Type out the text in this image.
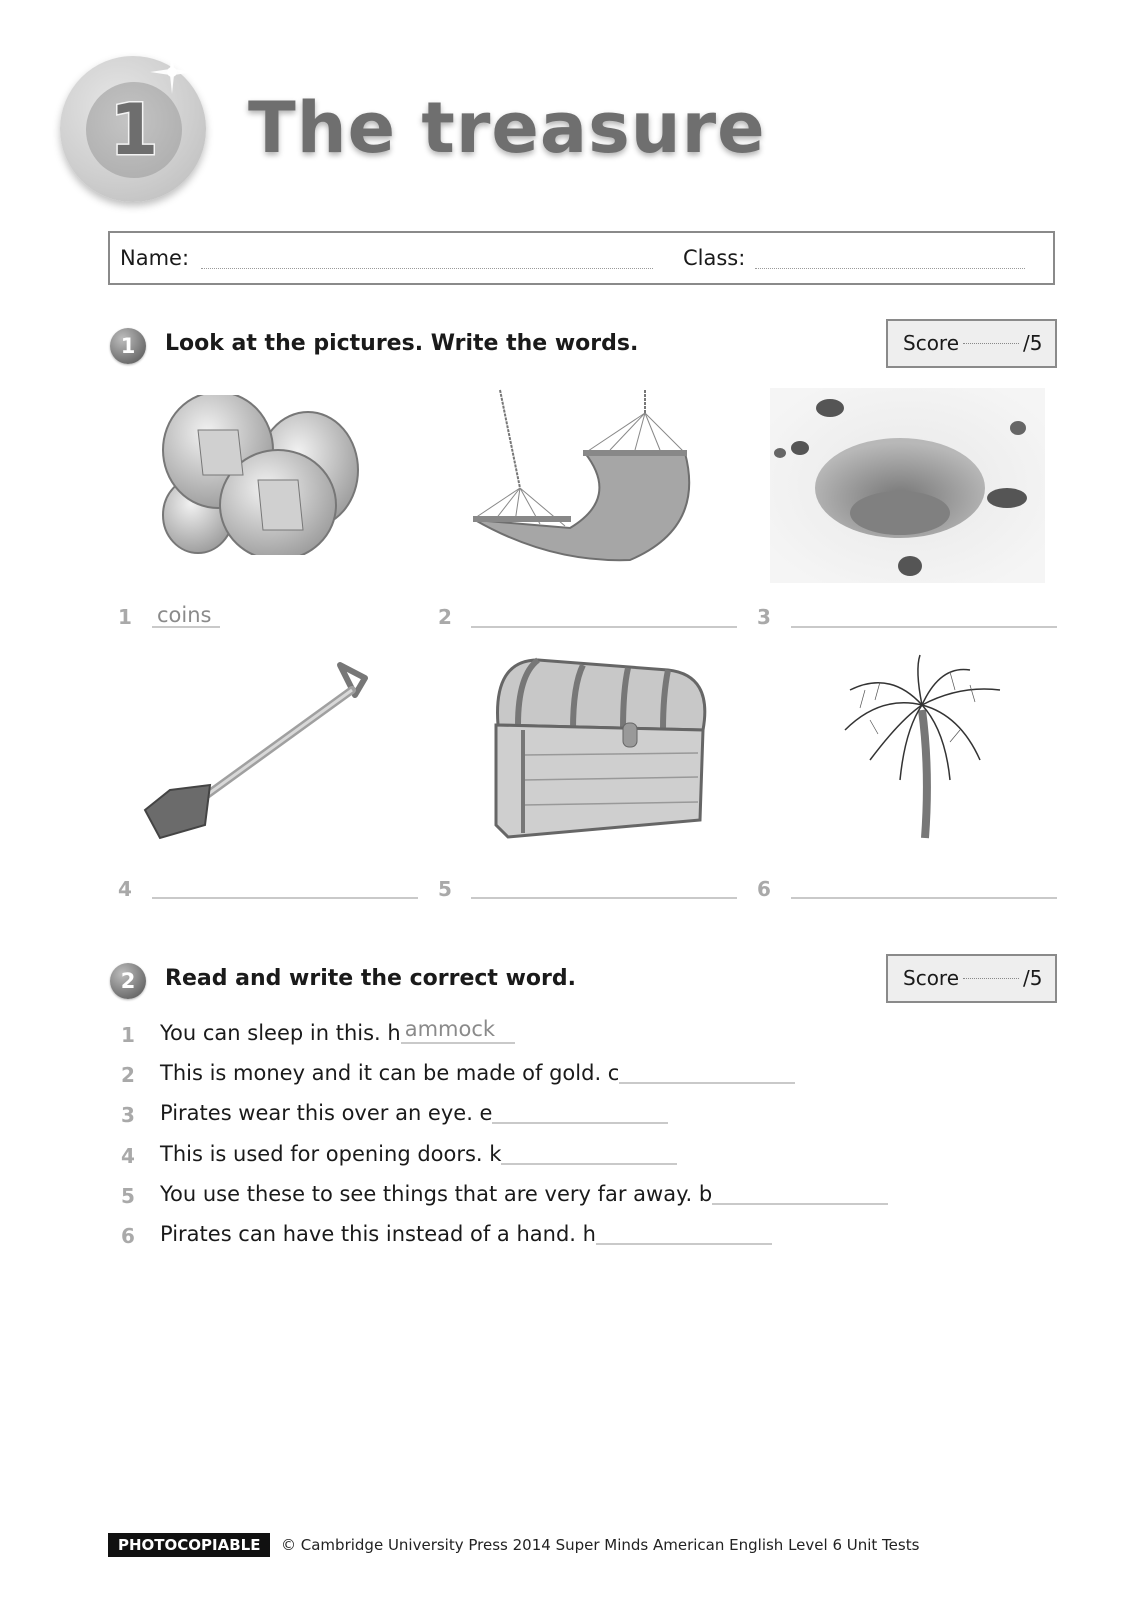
1	The treasure
Name:	Class:
1	Look at the pictures. Write the words.	Score	/5
1 coins	2	3
4	5	6
2	Read and write the correct word.	Score	/5
1 You can sleep in this. h ammock
2 This is money and it can be made of gold. c
3 Pirates wear this over an eye. e
4 This is used for opening doors. k
5 You use these to see things that are very far away. b
6 Pirates can have this instead of a hand. h
PHOTOCOPIABLE	© Cambridge University Press 2014 Super Minds American English Level 6 Unit Tests
